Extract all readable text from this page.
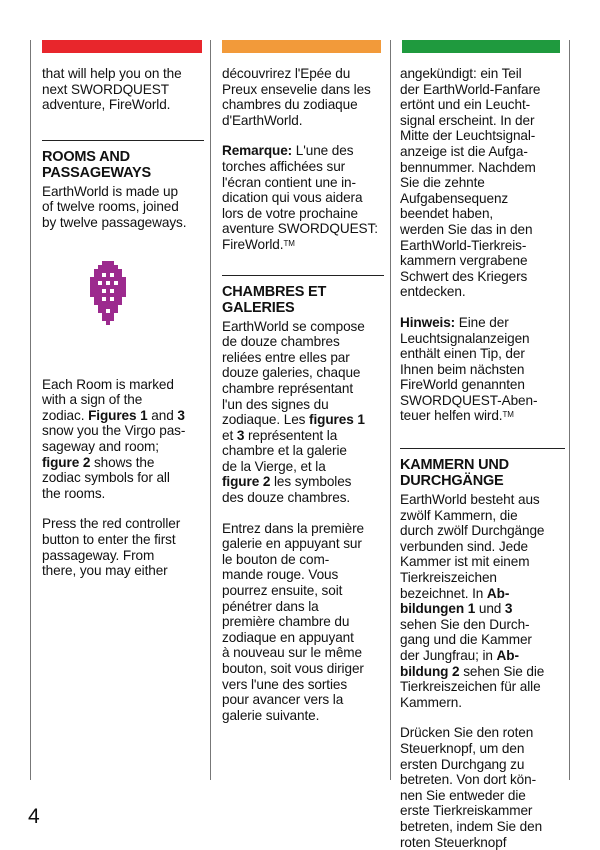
that will help you on the
next SWORDQUEST
adventure, FireWorld.

ROOMS AND
PASSAGEWAYS

EarthWorld is made up
of twelve rooms, joined
by twelve passageways.

Each Room is marked
with a sign of the
zodiac. Figures 1 and 3
snow you the Virgo pas-
sageway and room;
figure 2 shows the
zodiac symbols for all
the rooms.

Press the red controller
button to enter the first
passageway. From
there, you may either

découvrirez l'Epée du
Preux ensevelie dans les
chambres du zodiaque
d'EarthWorld.

Remarque: L'une des
torches affichées sur
l'écran contient une in-
dication qui vous aidera
lors de votre prochaine
aventure SWORDQUEST:
FireWorld.™

CHAMBRES ET
GALERIES

EarthWorld se compose
de douze chambres
reliées entre elles par
douze galeries, chaque
chambre représentant
l'un des signes du
zodiaque. Les figures 1
et 3 représentent la
chambre et la galerie
de la Vierge, et la
figure 2 les symboles
des douze chambres.

Entrez dans la première
galerie en appuyant sur
le bouton de com-
mande rouge. Vous
pourrez ensuite, soit
pénétrer dans la
première chambre du
zodiaque en appuyant
à nouveau sur le même
bouton, soit vous diriger
vers l'une des sorties
pour avancer vers la
galerie suivante.

angekündigt: ein Teil
der EarthWorld-Fanfare
ertönt und ein Leucht-
signal erscheint. In der
Mitte der Leuchtsignal-
anzeige ist die Aufga-
bennummer. Nachdem
Sie die zehnte
Aufgabensequenz
beendet haben,
werden Sie das in den
EarthWorld-Tierkreis-
kammern vergrabene
Schwert des Kriegers
entdecken.

Hinweis: Eine der
Leuchtsignalanzeigen
enthält einen Tip, der
Ihnen beim nächsten
FireWorld genannten
SWORDQUEST-Aben-
teuer helfen wird.™

KAMMERN UND
DURCHGÄNGE

EarthWorld besteht aus
zwölf Kammern, die
durch zwölf Durchgänge
verbunden sind. Jede
Kammer ist mit einem
Tierkreiszeichen
bezeichnet. In Ab-
bildungen 1 und 3
sehen Sie den Durch-
gang und die Kammer
der Jungfrau; in Ab-
bildung 2 sehen Sie die
Tierkreiszeichen für alle
Kammern.

Drücken Sie den roten
Steuerknopf, um den
ersten Durchgang zu
betreten. Von dort kön-
nen Sie entweder die
erste Tierkreiskammer
betreten, indem Sie den
roten Steuerknopf

4
